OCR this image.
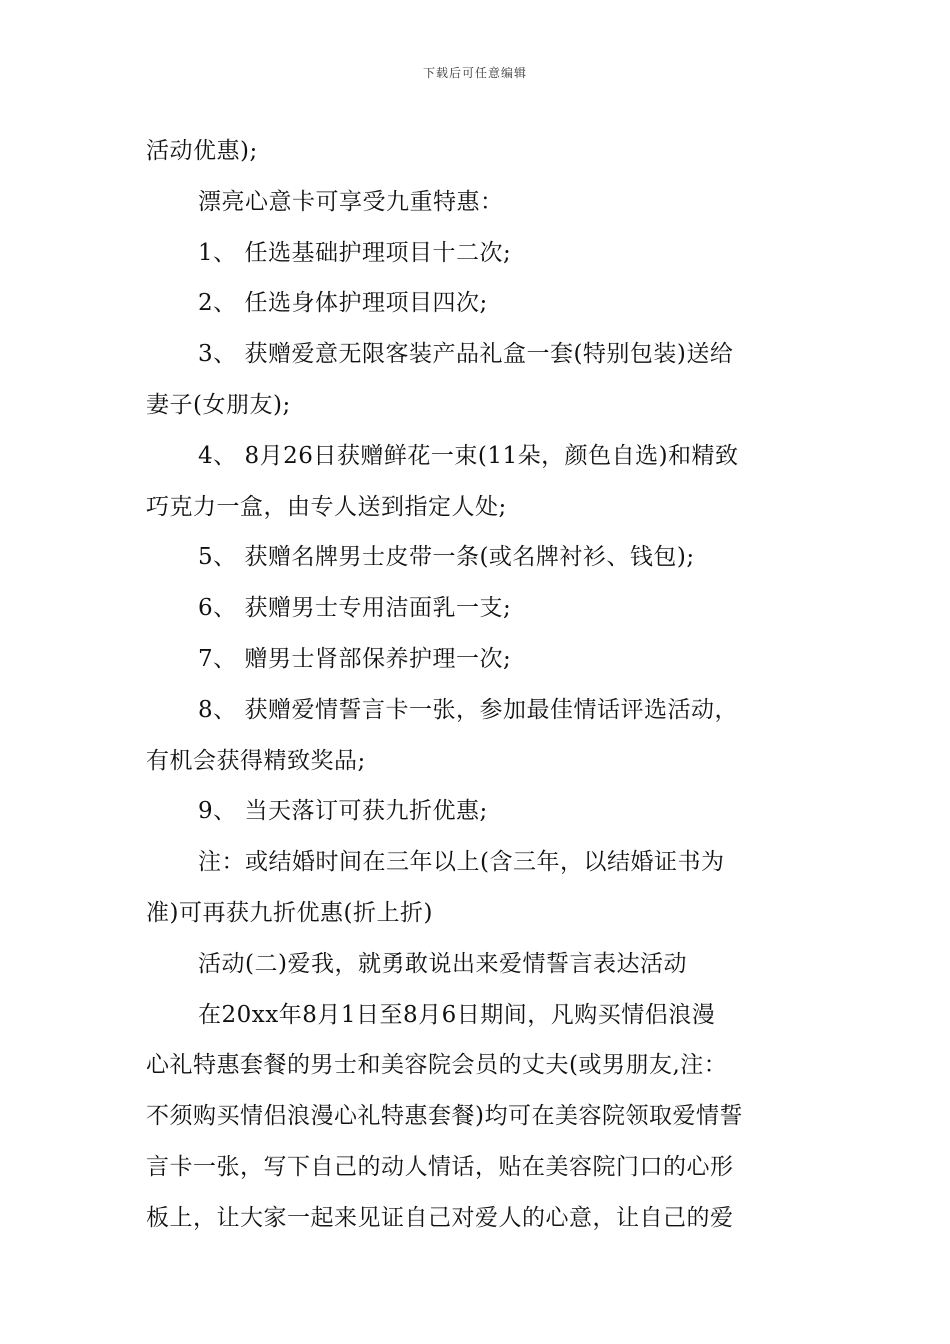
下载后可任意编辑
活动优惠);
漂亮心意卡可享受九重特惠：
1、 任选基础护理项目十二次;
2、 任选身体护理项目四次;
3、 获赠爱意无限客装产品礼盒一套(特别包装)送给
妻子(女朋友);
4、 8月26日获赠鲜花一束(11朵，颜色自选)和精致
巧克力一盒，由专人送到指定人处;
5、 获赠名牌男士皮带一条(或名牌衬衫、钱包);
6、 获赠男士专用洁面乳一支;
7、 赠男士肾部保养护理一次;
8、 获赠爱情誓言卡一张，参加最佳情话评选活动，
有机会获得精致奖品;
9、 当天落订可获九折优惠;
注：或结婚时间在三年以上(含三年，以结婚证书为
准)可再获九折优惠(折上折)
活动(二)爱我，就勇敢说出来爱情誓言表达活动
在20xx年8月1日至8月6日期间，凡购买情侣浪漫
心礼特惠套餐的男士和美容院会员的丈夫(或男朋友,注：
不须购买情侣浪漫心礼特惠套餐)均可在美容院领取爱情誓
言卡一张，写下自己的动人情话，贴在美容院门口的心形
板上，让大家一起来见证自己对爱人的心意，让自己的爱
